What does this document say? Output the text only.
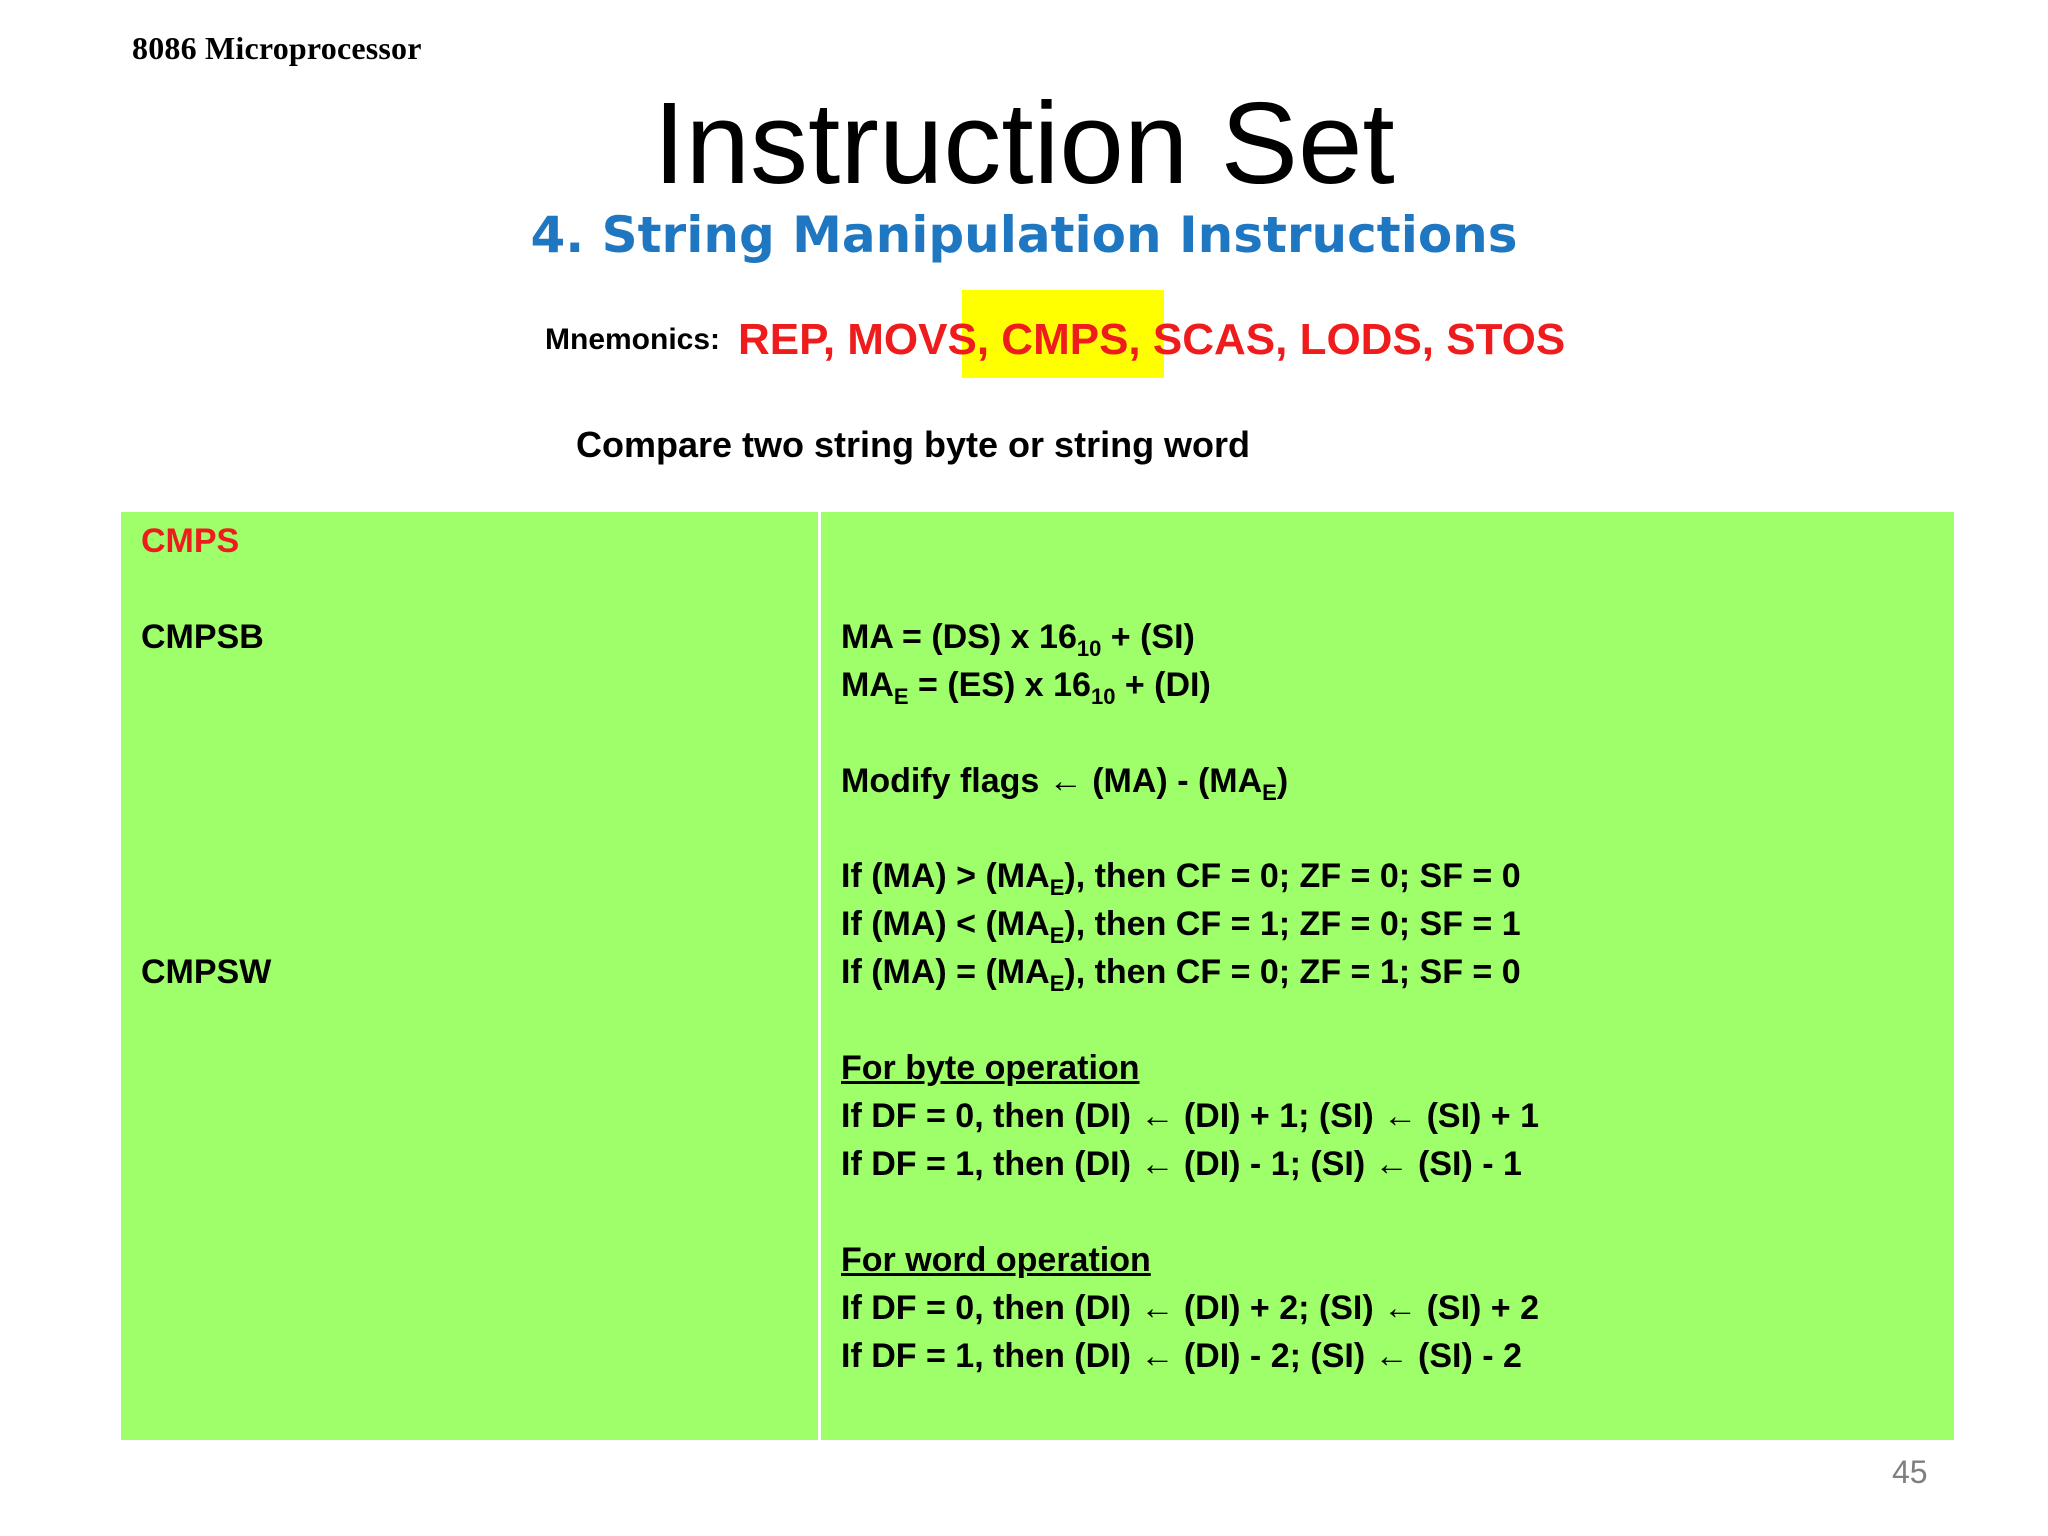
8086 Microprocessor
Instruction Set
4. String Manipulation Instructions
Mnemonics: REP, MOVS, CMPS, SCAS, LODS, STOS
Compare two string byte or string word
CMPS
CMPSB
CMPSW
MA = (DS) x $16_{10} + (SI)$
$MA_E = (ES)$ x $16_{10} + (DI)$
Modify flags ← $(MA) - (MA_E)$
If $(MA) > (MA_E)$, then CF = 0; ZF = 0; SF = 0
If $(MA) < (MA_E)$, then CF = 1; ZF = 0; SF = 1
If $(MA) = (MA_E)$, then CF = 0; ZF = 1; SF = 0
For byte operation
If DF = 0, then (DI) ← (DI) + 1; (SI) ← (SI) + 1
If DF = 1, then (DI) ← (DI) - 1; (SI) ← (SI) - 1
For word operation
If DF = 0, then (DI) ← (DI) + 2; (SI) ← (SI) + 2
If DF = 1, then (DI) ← (DI) - 2; (SI) ← (SI) - 2
45
